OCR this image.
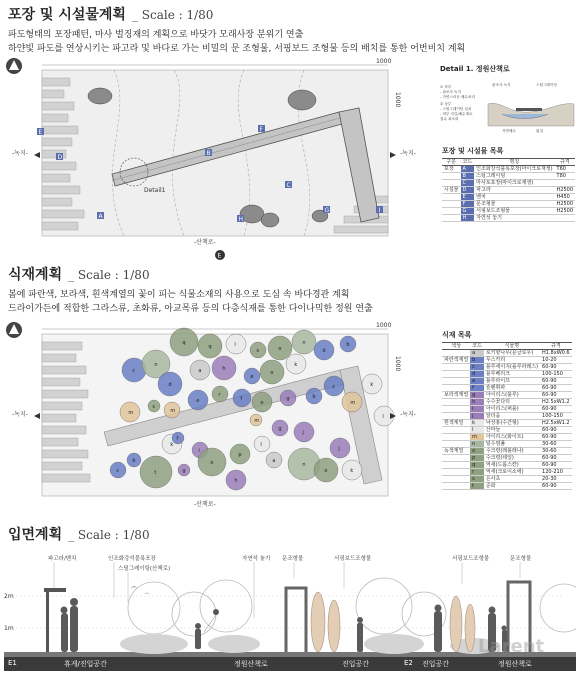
포장 및 시설물계획 _ Scale : 1/80
파도형태의 포장패턴, 마사 벌징재의 계획으로 바닷가 모래사장 분위기 연출
하얀빛 파도를 연상시키는 파고라 및 바다로 가는 비밀의 문 조형물, 서핑보드 조형물 등의 배치를 통한 어번비치 계획
A
B
C
D
E	F
G
H
I
Detail1
1000
1000
-녹지-	-녹지-
-산책로-
E
Detail 1. 정원산책로
① 하부
- 판조사 녹지
- 자연스러운 배수처리
② 상부
- 스틸그레이팅 설치
- 하부 자갈/배수재로
침수 최소화
판조사 녹지	스틸그레이팅
자연배수	됨질
포장 및 시설물 목록
구분	코드	명칭	규격
포장	A	인조화강석블록포장(마이크로재생)	T60
	B	스틸그레이팅	T80
	C	마사토포장(마이크로재생)	
시설물	D	파고라	H2500
	E	벤치	H450
	F	문조형물	H2500
	G	서핑보드조형물	H2500
	H	자연석 놓기	
식재계획 _ Scale : 1/80
봄에 파란색, 보라색, 흰색계열의 꽃이 피는 식물소재의 사용으로 도심 속 바다경관 계획
드라이가든에 적합한 그라스류, 초화류, 아교목류 등의 다층식재를 통한 다이나믹한 정원 연출
q
q	l
s	o
n
d
b
c
n
d
a	h
e
o
k
m
s
m
e
r
f
o
g	b
c
m
k
l
j
g
m
k
f
i
o
p
l
a
n
o
j
k
t
c
b
g
h
1000
1000
-녹지-	-녹지-
-산책로-
식재 목록
색상	코드	식물명	규격
	a	로키향나무(문글로우)	H1.8xW0.6
파란색계열	b	무스카리	10-20
	c	블루세이지(플루라레스)	60-90
	d	블루베리크	100-150
	e	블루라이프	60-90
	f	슬렌휘파	60-90
보라색계열	g	아이리스(블루)	60-90
	h	수수꽃다리	H2.5xW1.2
	i	아이리스(퍼플)	60-90
	j	알리움	100-150
흰색계열	k	낙상홍(수간형)	H2.5xW1.2
	l	산마늘	60-90
	m	아이리스(화이트)	60-90
	n	털수염풀	30-60
녹색계열	o	수크령(레블레나)	30-60
	p	수크령(테일)	60-90
	q	억새(드롭스칸)	60-90
	r	억새(크로이소에)	120-210
	s	은사초	20-30
	t	준화	60-90
입면계획 _ Scale : 1/80
파고라/벤치	인조화강석블록포장
스틸그레이팅(산책로)
자연석 놓기 문조형물	서핑보드조형물	서핑보드조형물	문조형물
2m
1m
E1	휴게/진입공간	정원산책로	진입공간	E2 진입공간	정원산책로
Larent
